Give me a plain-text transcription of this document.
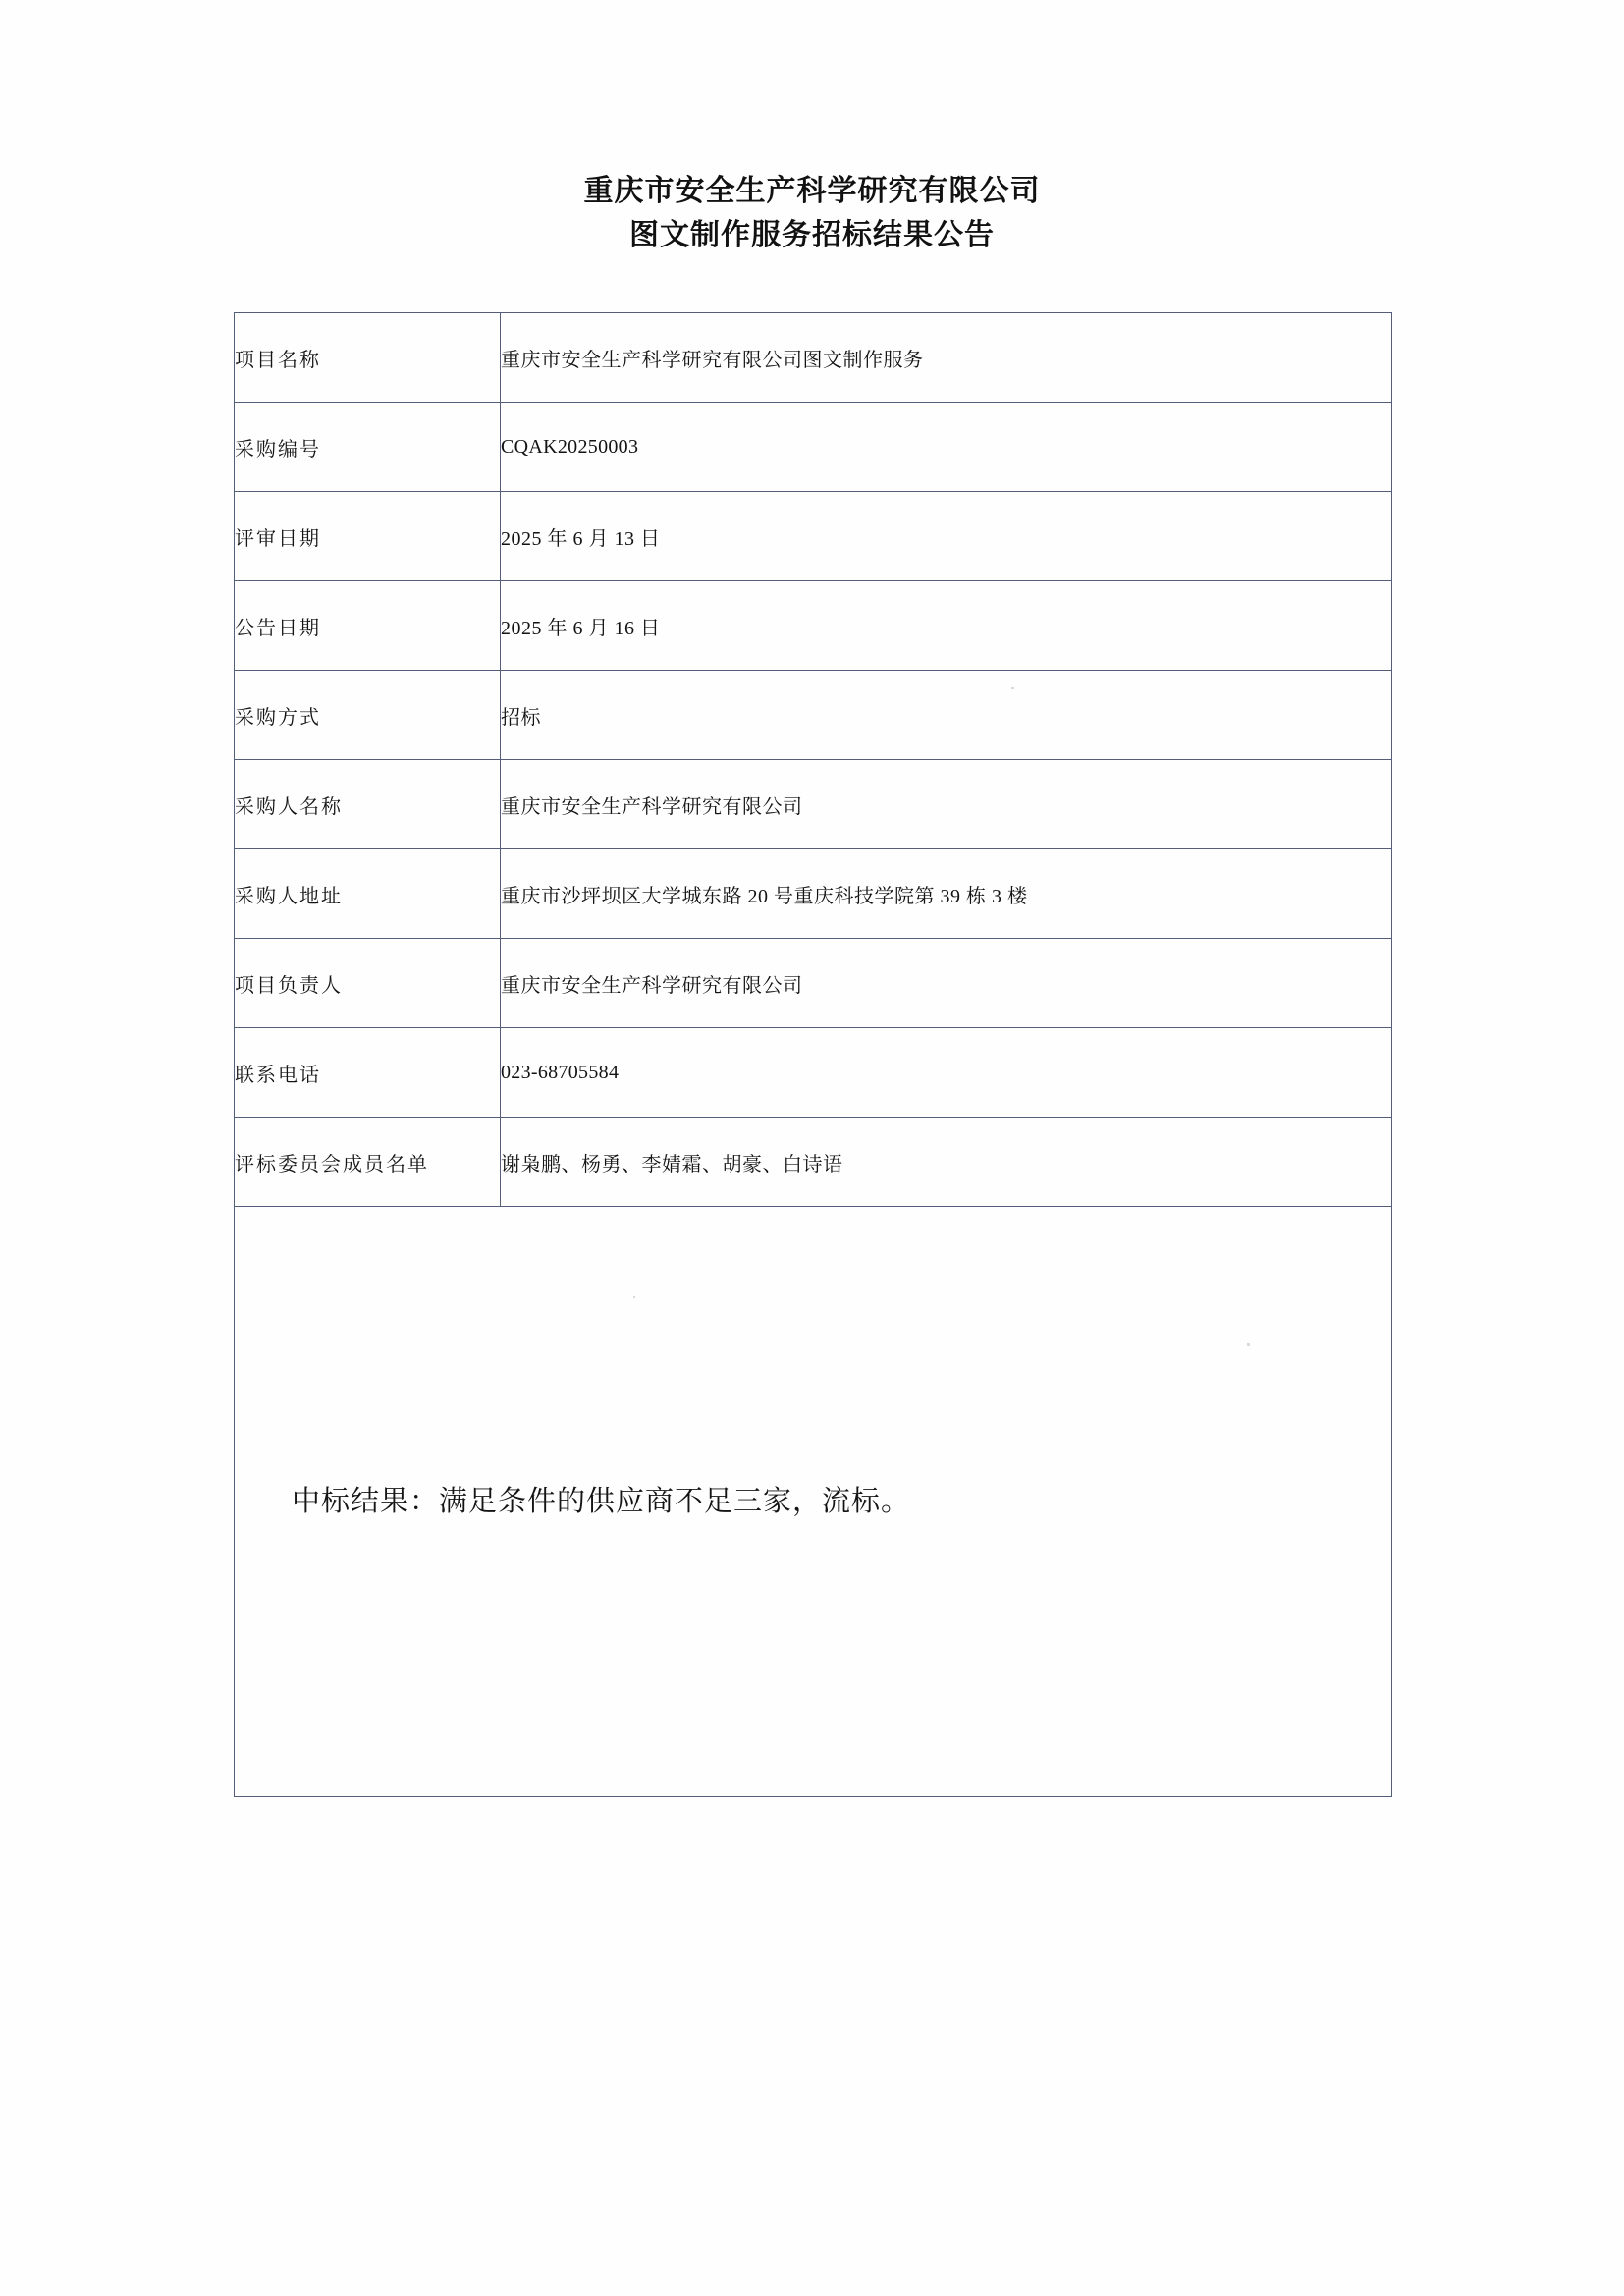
重庆市安全生产科学研究有限公司
图文制作服务招标结果公告
项目名称	重庆市安全生产科学研究有限公司图文制作服务
采购编号	CQAK20250003
评审日期	2025 年 6 月 13 日
公告日期	2025 年 6 月 16 日
采购方式	招标
采购人名称	重庆市安全生产科学研究有限公司
采购人地址	重庆市沙坪坝区大学城东路 20 号重庆科技学院第 39 栋 3 楼
项目负责人	重庆市安全生产科学研究有限公司
联系电话	023-68705584
评标委员会成员名单	谢枭鹏、杨勇、李婧霜、胡豪、白诗语
中标结果：满足条件的供应商不足三家，流标。	
